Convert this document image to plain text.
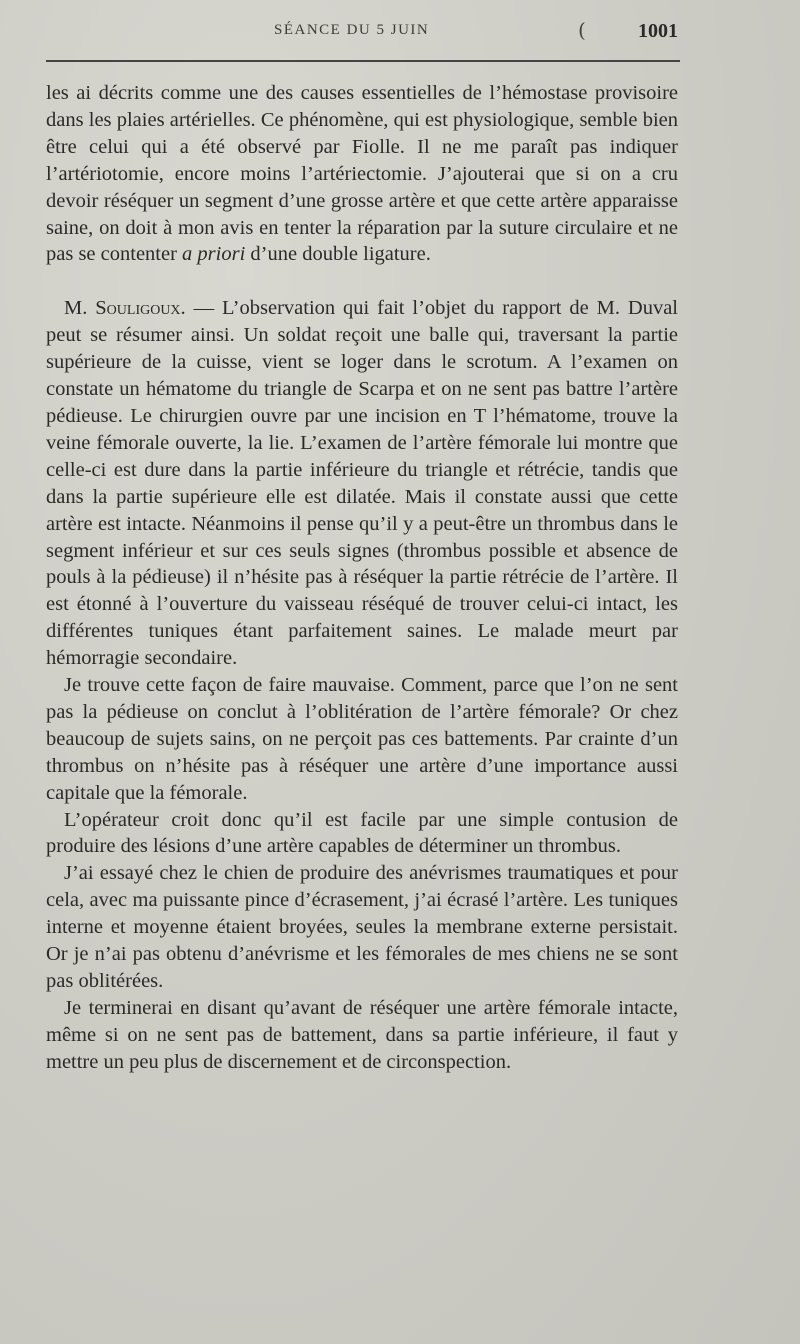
SÉANCE DU 5 JUIN	(	1001

les ai décrits comme une des causes essentielles de l’hémostase provisoire dans les plaies artérielles. Ce phénomène, qui est physiologique, semble bien être celui qui a été observé par Fiolle. Il ne me paraît pas indiquer l’artériotomie, encore moins l’artériectomie. J’ajouterai que si on a cru devoir réséquer un segment d’une grosse artère et que cette artère apparaisse saine, on doit à mon avis en tenter la réparation par la suture circulaire et ne pas se contenter a priori d’une double ligature.

M. Souligoux. — L’observation qui fait l’objet du rapport de M. Duval peut se résumer ainsi. Un soldat reçoit une balle qui, traversant la partie supérieure de la cuisse, vient se loger dans le scrotum. A l’examen on constate un hématome du triangle de Scarpa et on ne sent pas battre l’artère pédieuse. Le chirurgien ouvre par une incision en T l’hématome, trouve la veine fémorale ouverte, la lie. L’examen de l’artère fémorale lui montre que celle-ci est dure dans la partie inférieure du triangle et rétrécie, tandis que dans la partie supérieure elle est dilatée. Mais il constate aussi que cette artère est intacte. Néanmoins il pense qu’il y a peut-être un thrombus dans le segment inférieur et sur ces seuls signes (thrombus possible et absence de pouls à la pédieuse) il n’hésite pas à réséquer la partie rétrécie de l’artère. Il est étonné à l’ouverture du vaisseau réséqué de trouver celui-ci intact, les différentes tuniques étant parfaitement saines. Le malade meurt par hémorragie secondaire.

Je trouve cette façon de faire mauvaise. Comment, parce que l’on ne sent pas la pédieuse on conclut à l’oblitération de l’artère fémorale? Or chez beaucoup de sujets sains, on ne perçoit pas ces battements. Par crainte d’un thrombus on n’hésite pas à réséquer une artère d’une importance aussi capitale que la fémorale.

L’opérateur croit donc qu’il est facile par une simple contusion de produire des lésions d’une artère capables de déterminer un thrombus.

J’ai essayé chez le chien de produire des anévrismes traumatiques et pour cela, avec ma puissante pince d’écrasement, j’ai écrasé l’artère. Les tuniques interne et moyenne étaient broyées, seules la membrane externe persistait. Or je n’ai pas obtenu d’anévrisme et les fémorales de mes chiens ne se sont pas oblitérées.

Je terminerai en disant qu’avant de réséquer une artère fémorale intacte, même si on ne sent pas de battement, dans sa partie inférieure, il faut y mettre un peu plus de discernement et de circonspection.
